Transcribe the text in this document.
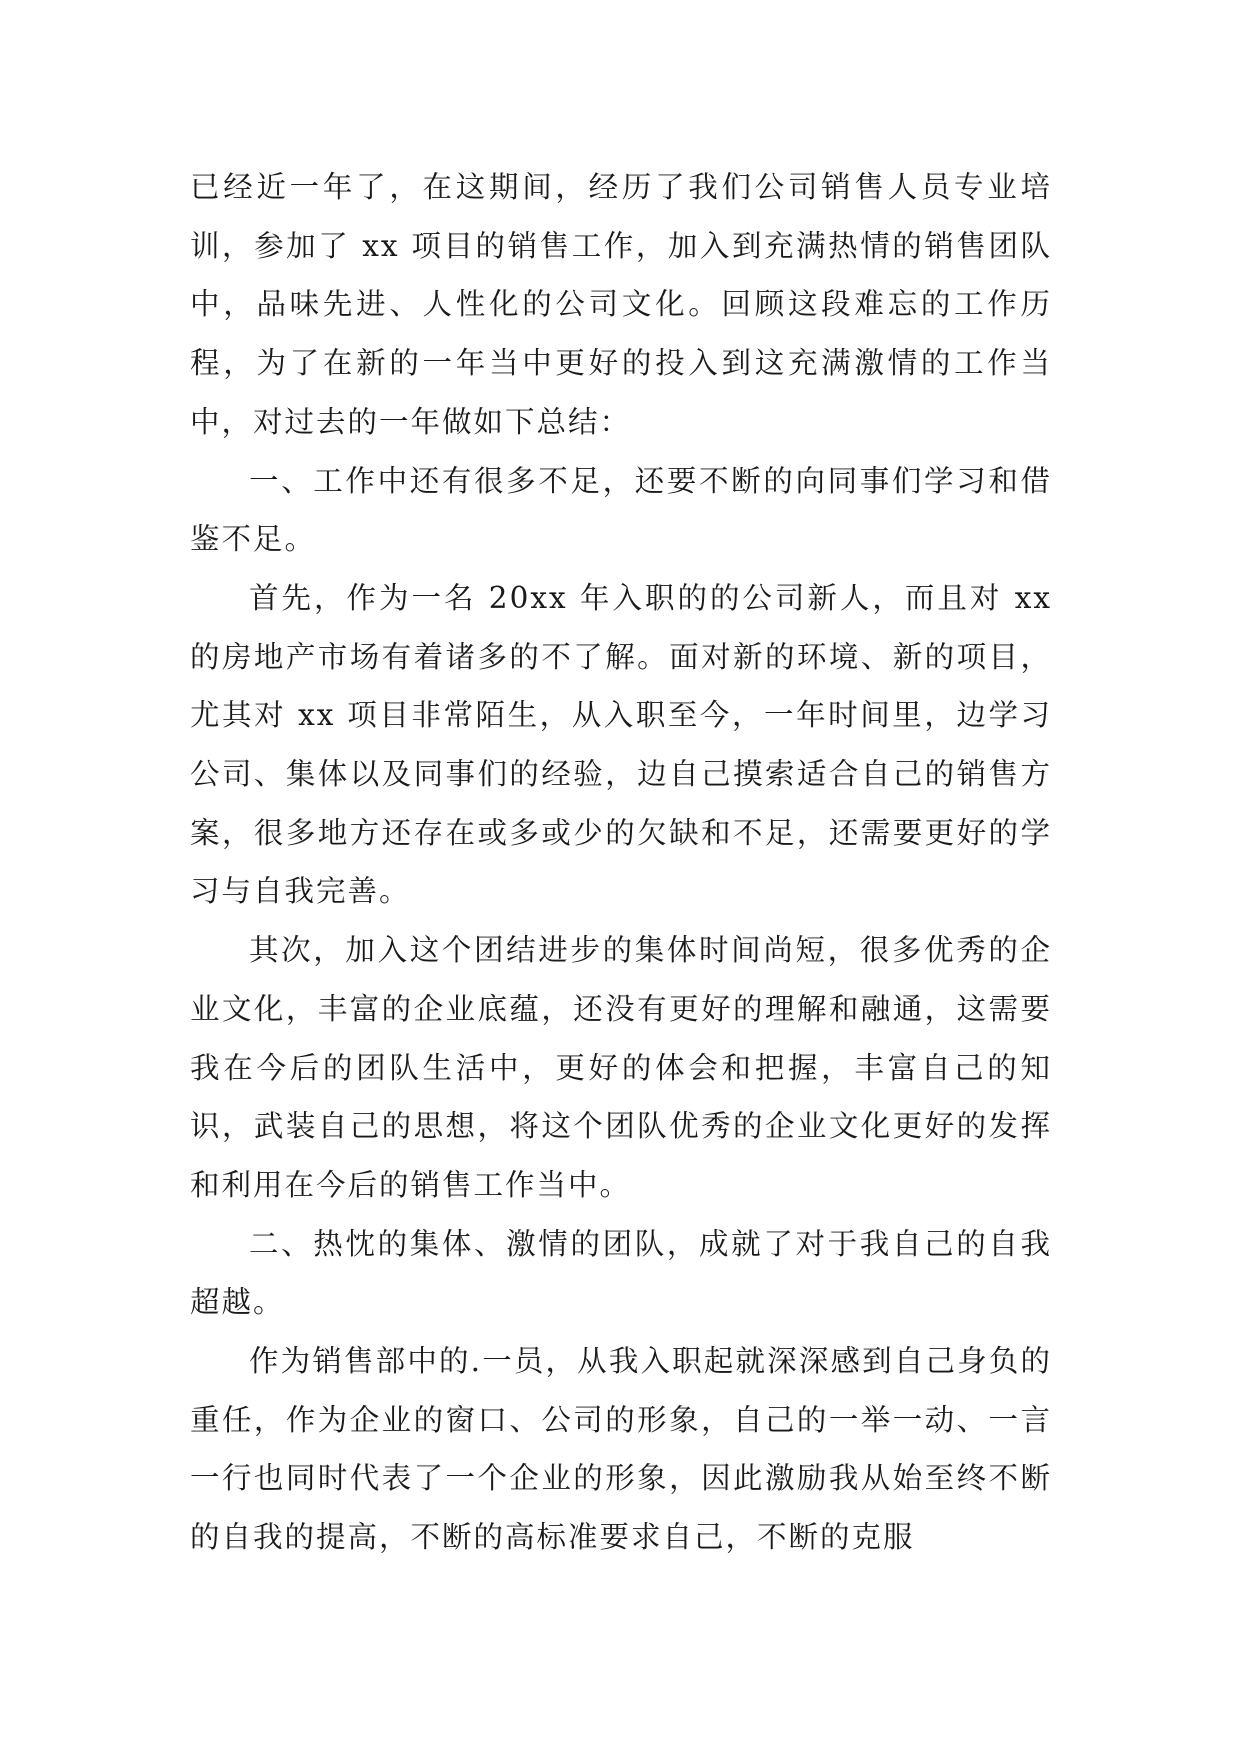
已经近一年了，在这期间，经历了我们公司销售人员专业培训，参加了 xx 项目的销售工作，加入到充满热情的销售团队中，品味先进、人性化的公司文化。回顾这段难忘的工作历程，为了在新的一年当中更好的投入到这充满激情的工作当中，对过去的一年做如下总结：

一、工作中还有很多不足，还要不断的向同事们学习和借鉴不足。

首先，作为一名 20xx 年入职的的公司新人，而且对 xx 的房地产市场有着诸多的不了解。面对新的环境、新的项目，尤其对 xx 项目非常陌生，从入职至今，一年时间里，边学习公司、集体以及同事们的经验，边自己摸索适合自己的销售方案，很多地方还存在或多或少的欠缺和不足，还需要更好的学习与自我完善。

其次，加入这个团结进步的集体时间尚短，很多优秀的企业文化，丰富的企业底蕴，还没有更好的理解和融通，这需要我在今后的团队生活中，更好的体会和把握，丰富自己的知识，武装自己的思想，将这个团队优秀的企业文化更好的发挥和利用在今后的销售工作当中。

二、热忱的集体、激情的团队，成就了对于我自己的自我超越。

作为销售部中的.一员，从我入职起就深深感到自己身负的重任，作为企业的窗口、公司的形象，自己的一举一动、一言一行也同时代表了一个企业的形象，因此激励我从始至终不断的自我的提高，不断的高标准要求自己，不断的克服
